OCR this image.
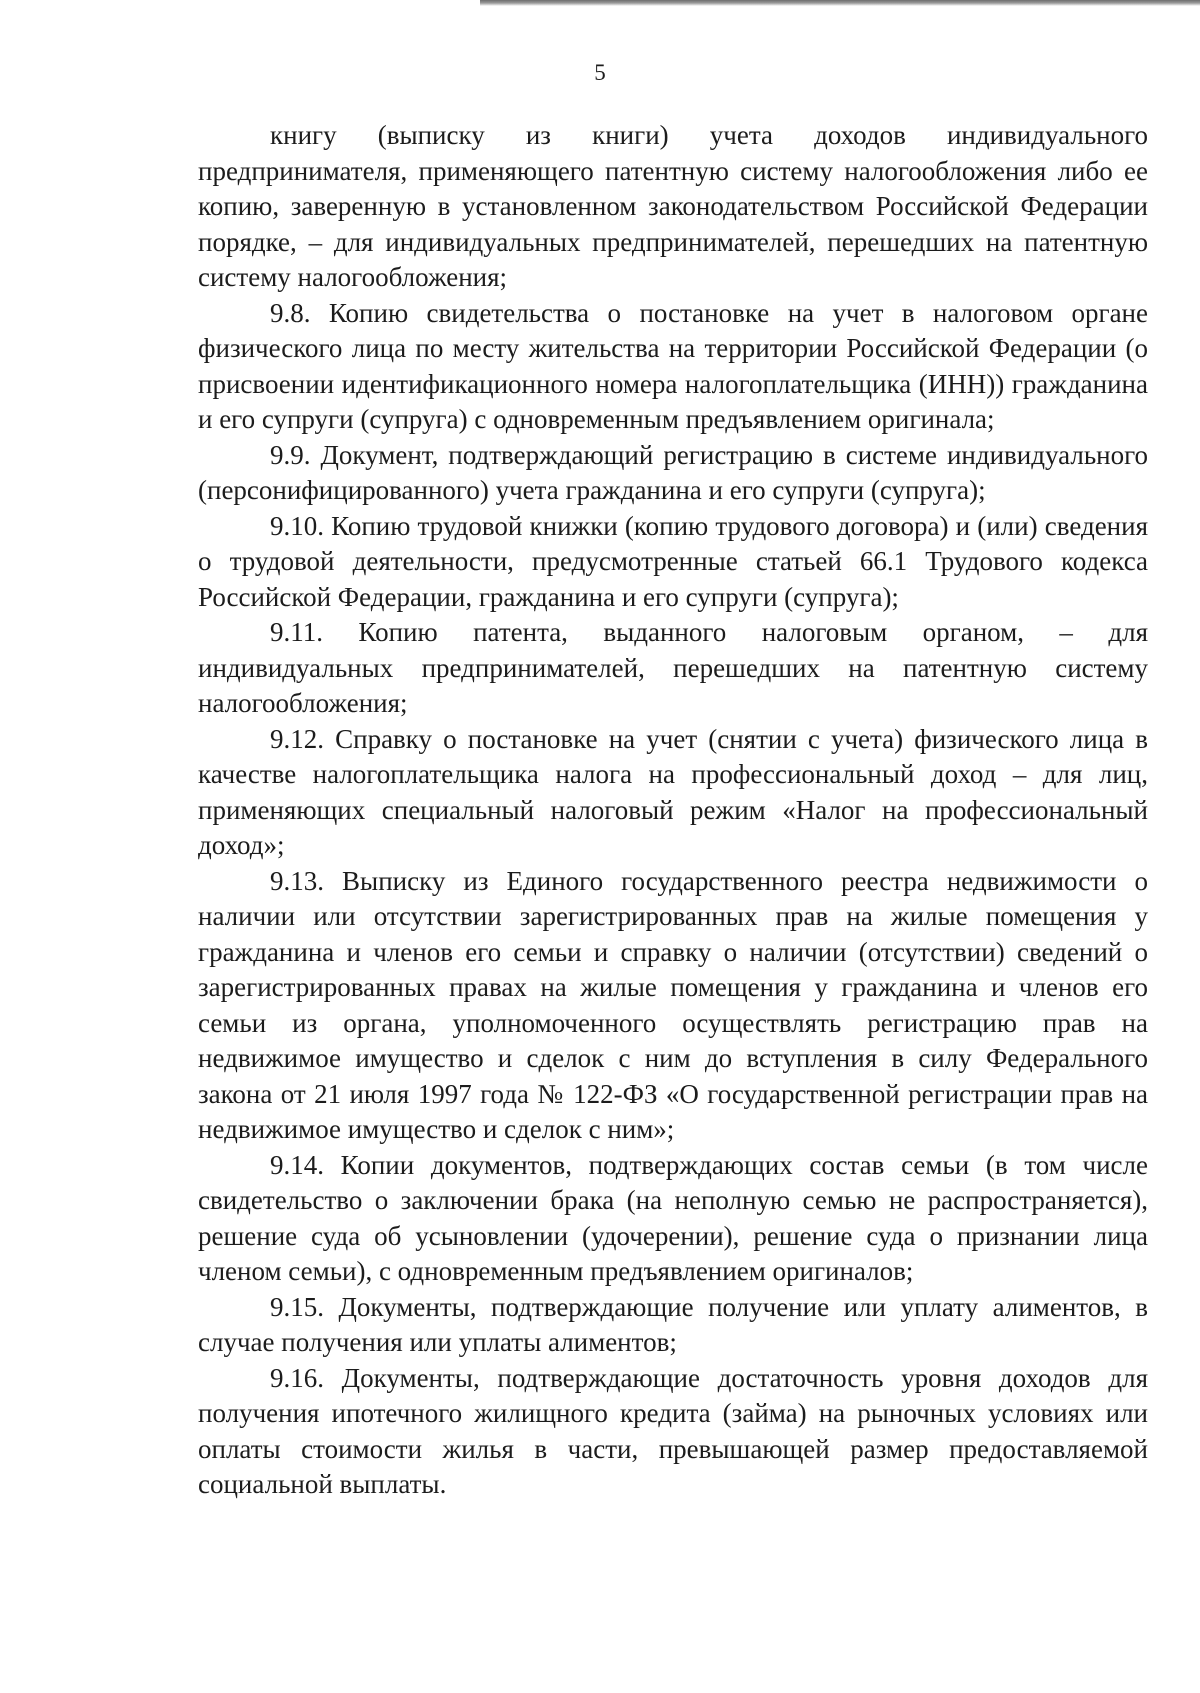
5

книгу (выписку из книги) учета доходов индивидуального предпринимателя, применяющего патентную систему налогообложения либо ее копию, заверенную в установленном законодательством Российской Федерации порядке, – для индивидуальных предпринимателей, перешедших на патентную систему налогообложения;

9.8. Копию свидетельства о постановке на учет в налоговом органе физического лица по месту жительства на территории Российской Федерации (о присвоении идентификационного номера налогоплательщика (ИНН)) гражданина и его супруги (супруга) с одновременным предъявлением оригинала;

9.9. Документ, подтверждающий регистрацию в системе индивидуального (персонифицированного) учета гражданина и его супруги (супруга);

9.10. Копию трудовой книжки (копию трудового договора) и (или) сведения о трудовой деятельности, предусмотренные статьей 66.1 Трудового кодекса Российской Федерации, гражданина и его супруги (супруга);

9.11. Копию патента, выданного налоговым органом, – для индивидуальных предпринимателей, перешедших на патентную систему налогообложения;

9.12. Справку о постановке на учет (снятии с учета) физического лица в качестве налогоплательщика налога на профессиональный доход – для лиц, применяющих специальный налоговый режим «Налог на профессиональный доход»;

9.13. Выписку из Единого государственного реестра недвижимости о наличии или отсутствии зарегистрированных прав на жилые помещения у гражданина и членов его семьи и справку о наличии (отсутствии) сведений о зарегистрированных правах на жилые помещения у гражданина и членов его семьи из органа, уполномоченного осуществлять регистрацию прав на недвижимое имущество и сделок с ним до вступления в силу Федерального закона от 21 июля 1997 года № 122-ФЗ «О государственной регистрации прав на недвижимое имущество и сделок с ним»;

9.14. Копии документов, подтверждающих состав семьи (в том числе свидетельство о заключении брака (на неполную семью не распространяется), решение суда об усыновлении (удочерении), решение суда о признании лица членом семьи), с одновременным предъявлением оригиналов;

9.15. Документы, подтверждающие получение или уплату алиментов, в случае получения или уплаты алиментов;

9.16. Документы, подтверждающие достаточность уровня доходов для получения ипотечного жилищного кредита (займа) на рыночных условиях или оплаты стоимости жилья в части, превышающей размер предоставляемой социальной выплаты.
